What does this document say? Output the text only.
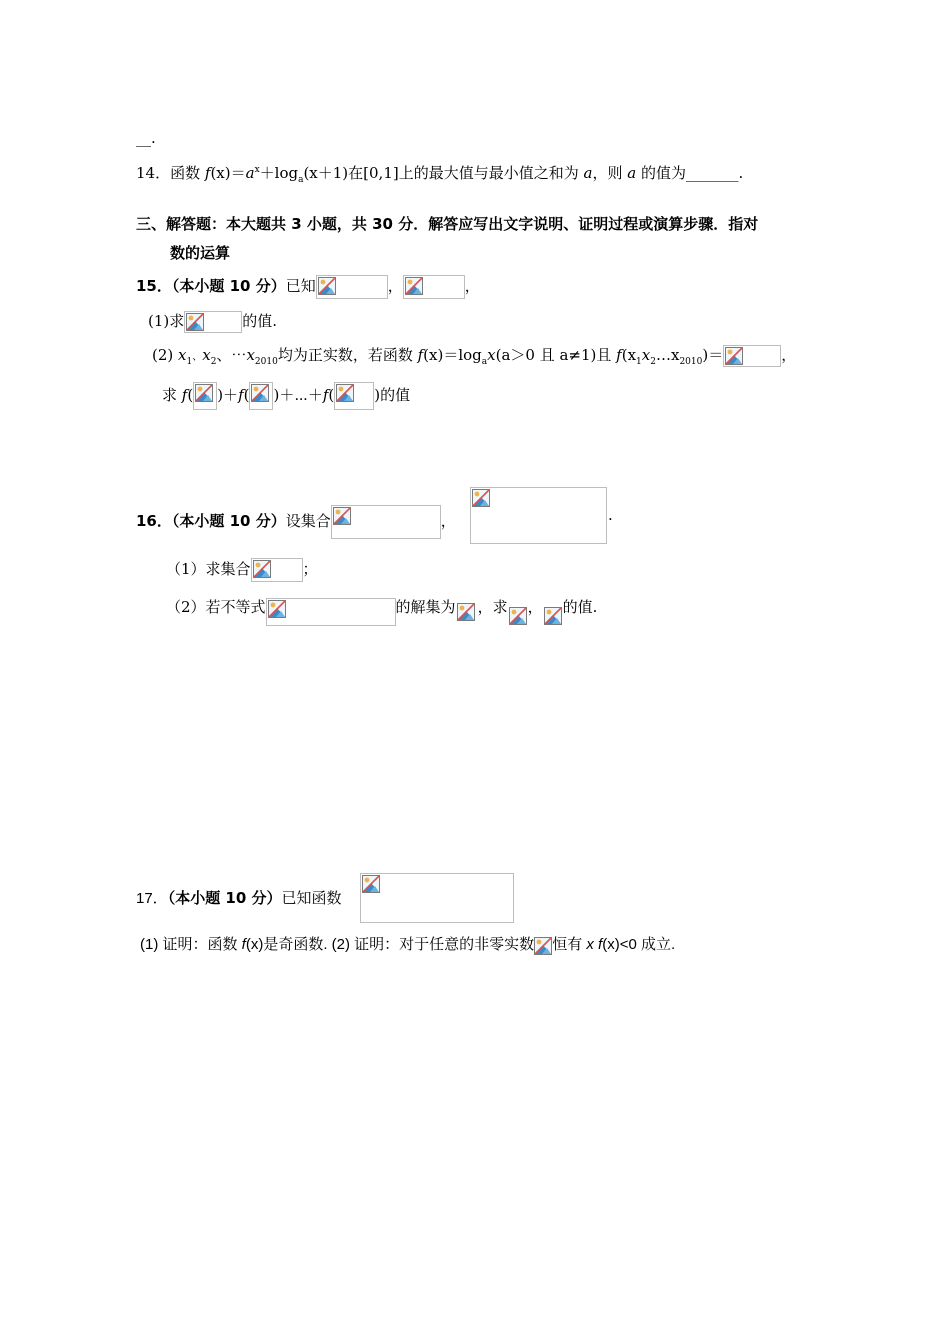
__.
14．函数 $f(x)=a^x+\log_a(x+1)$在[0,1]上的最大值与最小值之和为 a，则 a 的值为_______.
三、解答题：本大题共 3 小题，共 30 分．解答应写出文字说明、证明过程或演算步骤．指对
数的运算
15．（本小题 10 分）已知	，	，
(1)求	的值.
(2) $x_1$、$x_2$、$\cdots x_{2010}$均为正实数，若函数 $f(x)=\log_ax(a>0$ 且 a≠1)且 $f(x_1x_2\dots x_{2010})=$	，
求 f( )＋f( )＋⋯＋f(	)的值
16．（本小题 10 分）设集合	，	.
（1）求集合	；
（2）若不等式	的解集为 ，求 ， 的值.
17．（本小题 10 分）已知函数
(1) 证明：函数 f(x)是奇函数. (2) 证明：对于任意的非零实数 恒有 x f(x)<0 成立.
